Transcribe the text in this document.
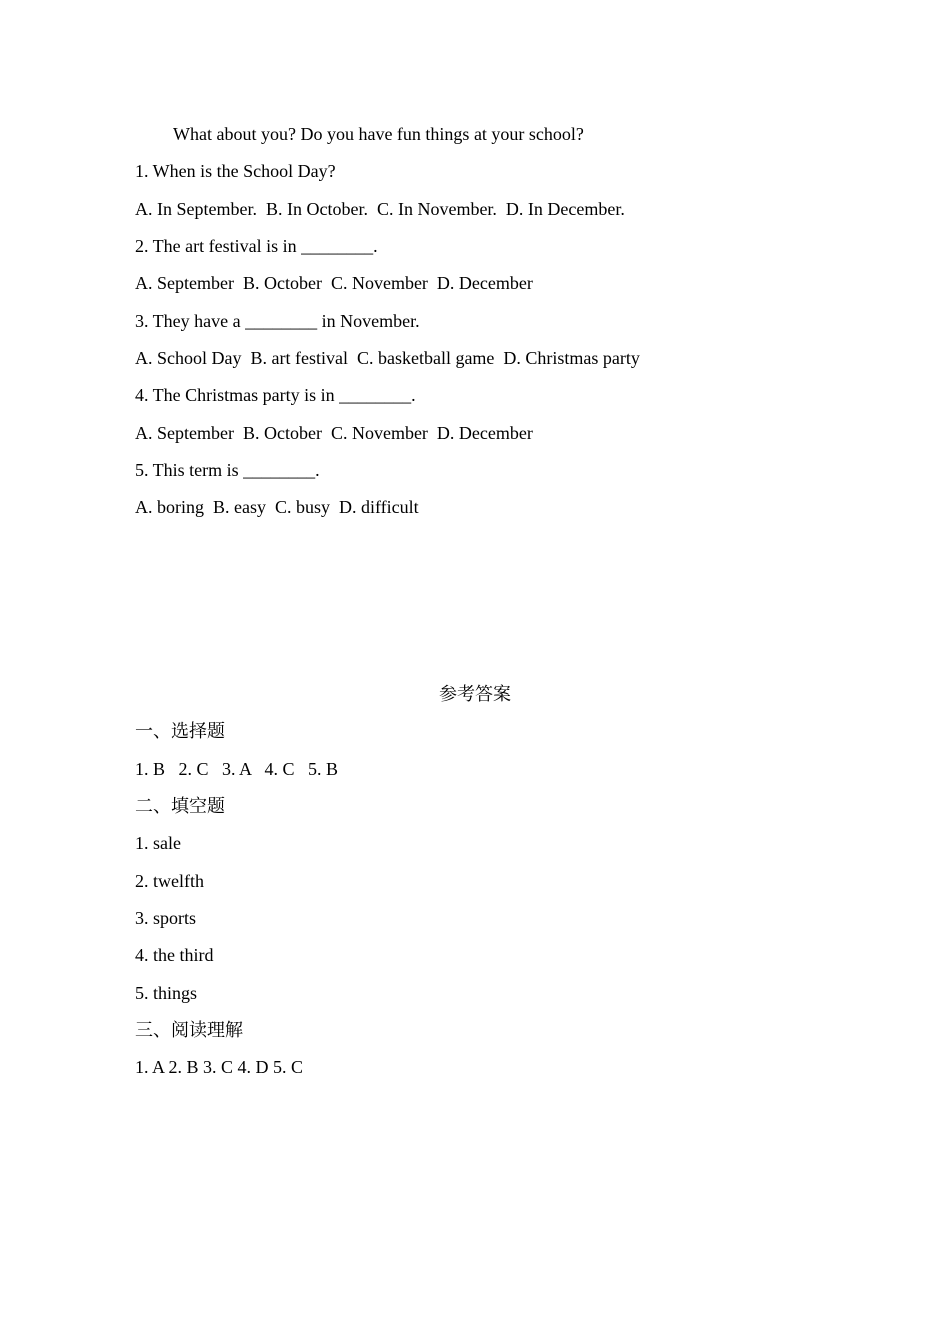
What about you? Do you have fun things at your school?
1. When is the School Day?
A. In September.  B. In October.  C. In November.  D. In December.
2. The art festival is in ________.
A. September  B. October  C. November  D. December
3. They have a ________ in November.
A. School Day  B. art festival  C. basketball game  D. Christmas party
4. The Christmas party is in ________.
A. September  B. October  C. November  D. December
5. This term is ________.
A. boring  B. easy  C. busy  D. difficult
参考答案
一、选择题
1. B   2. C   3. A   4. C   5. B
二、填空题
1. sale
2. twelfth
3. sports
4. the third
5. things
三、阅读理解
1. A 2. B 3. C 4. D 5. C
